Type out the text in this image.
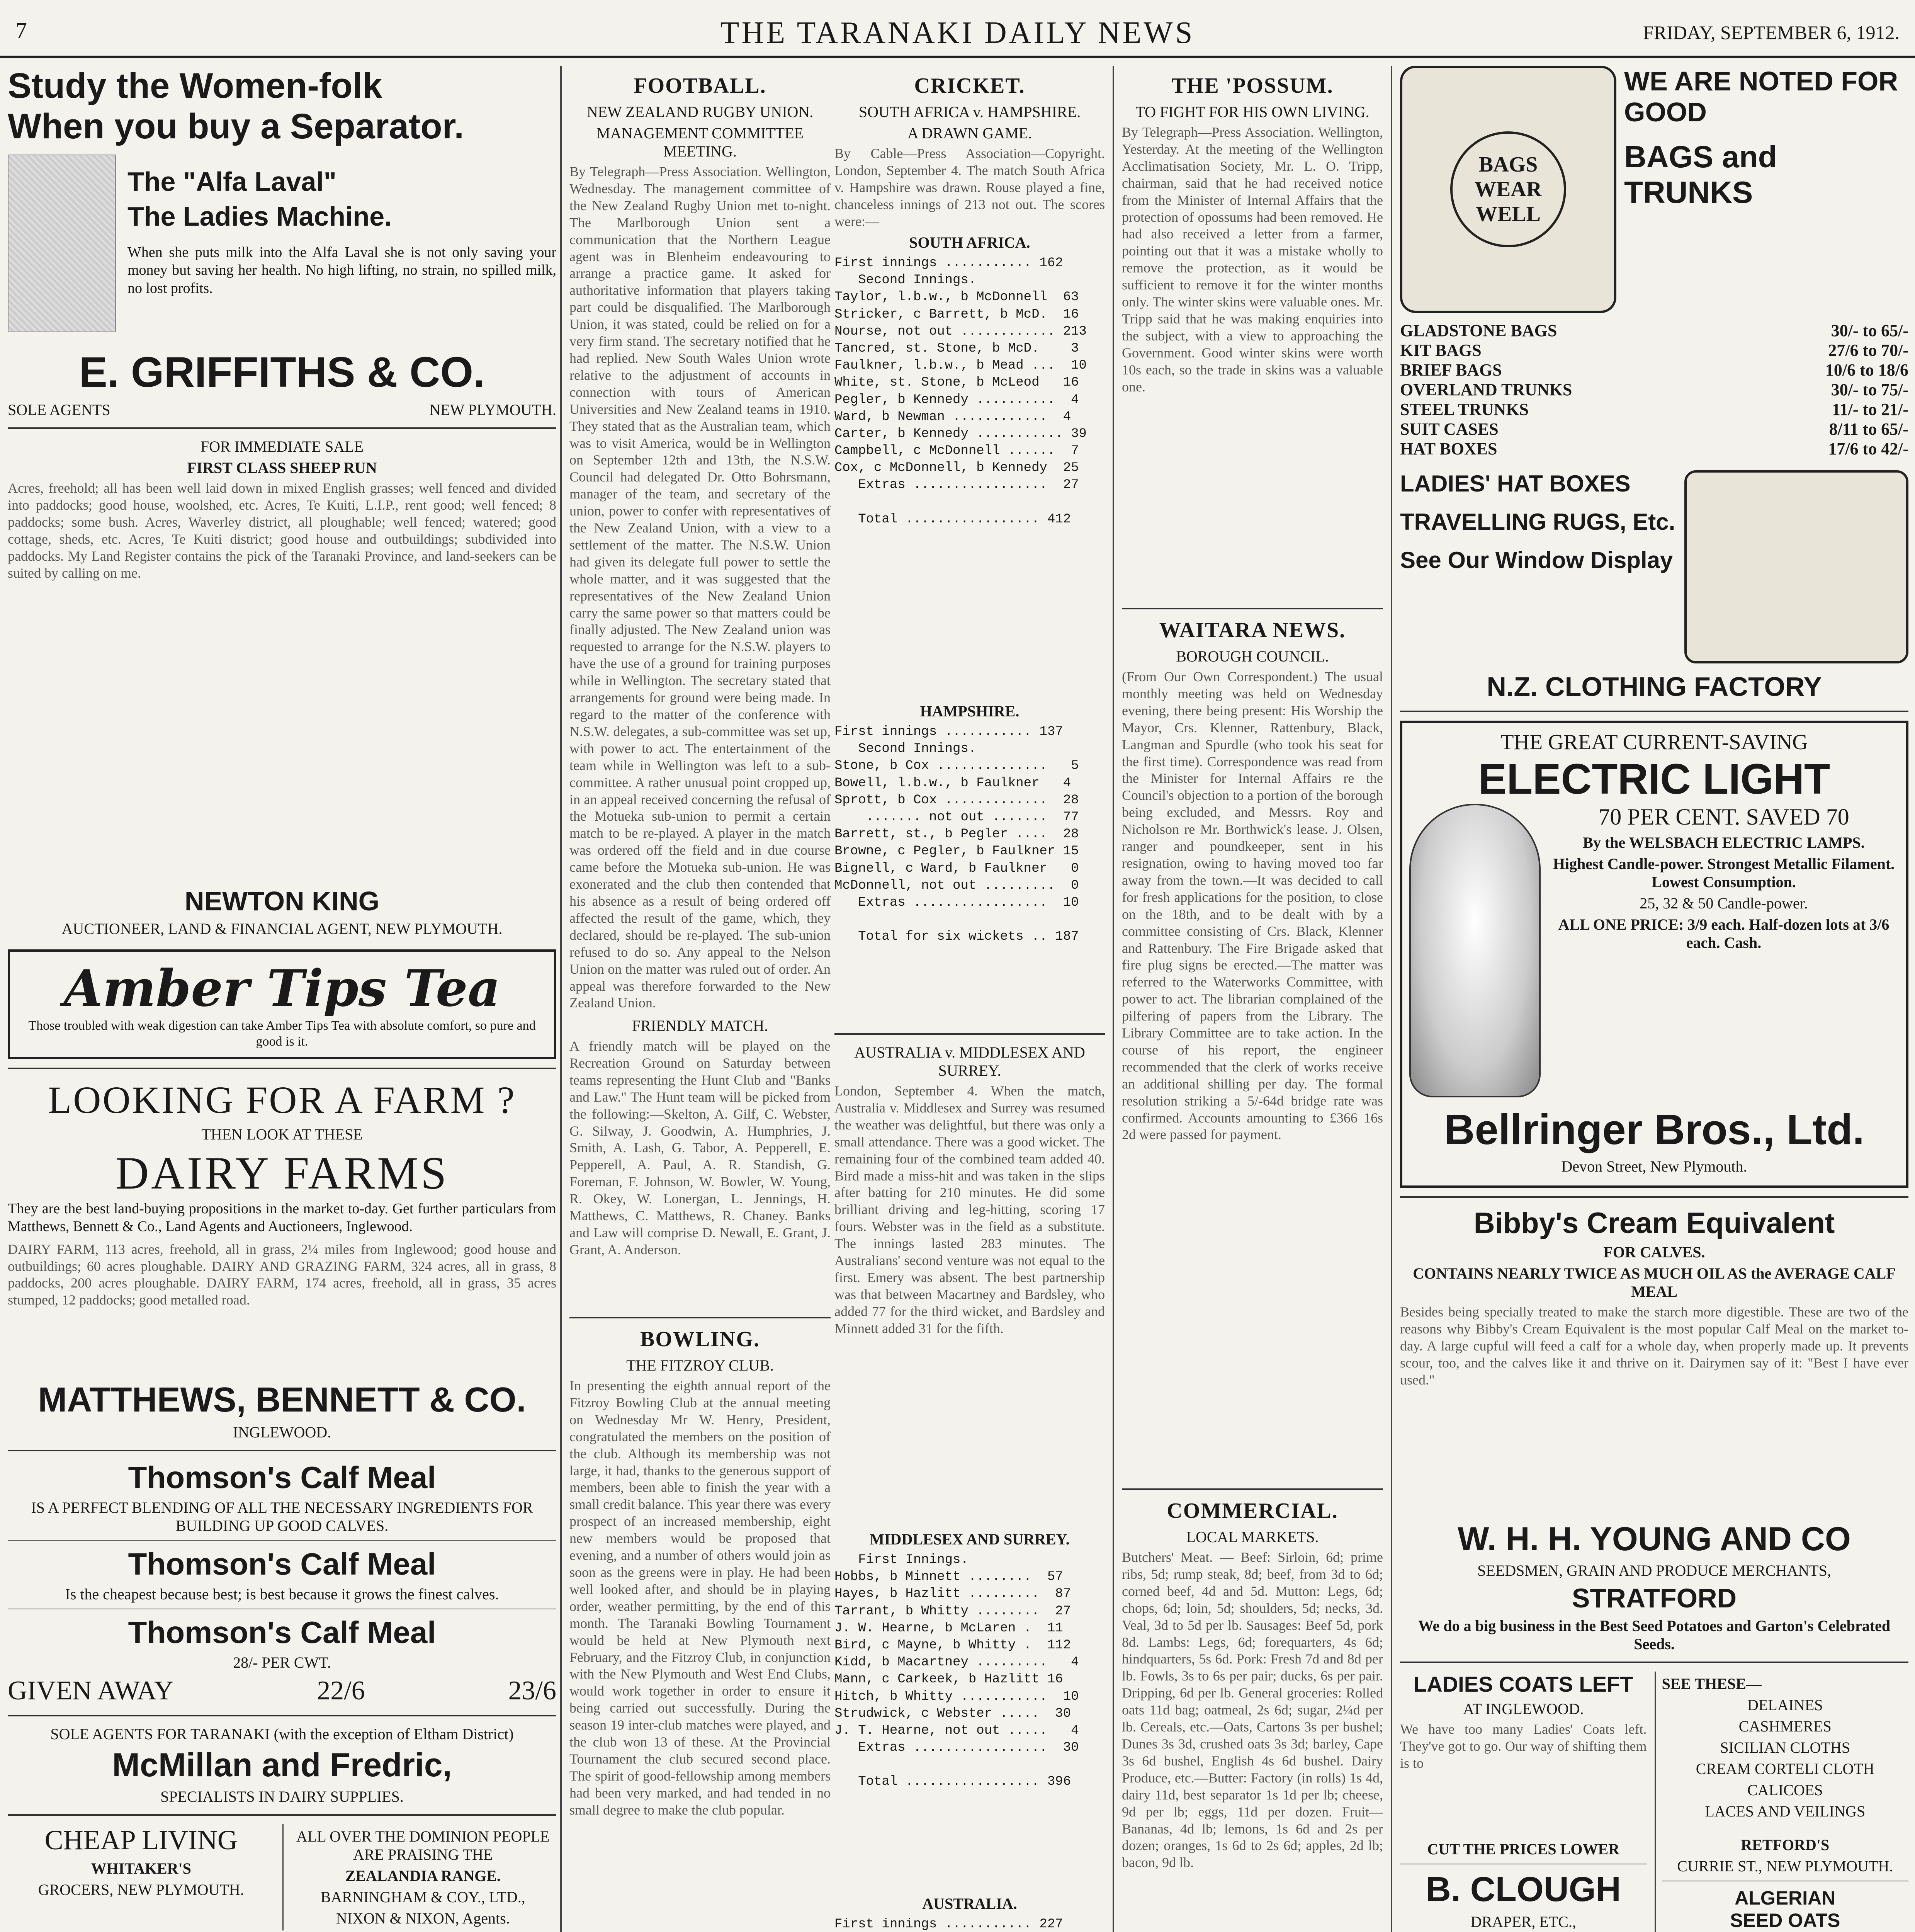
7	THE TARANAKI DAILY NEWS	FRIDAY, SEPTEMBER 6, 1912.
Study the Women-folk
When you buy a Separator.
The "Alfa Laval"
The Ladies Machine.
When she puts milk into the Alfa Laval she is not only saving your money but saving her health. No high lifting, no strain, no spilled milk, no lost profits.
E. GRIFFITHS & CO.
SOLE AGENTS	NEW PLYMOUTH.
FOR IMMEDIATE SALE
FIRST CLASS SHEEP RUN
Acres, freehold; all has been well laid down in mixed English grasses; well fenced and divided into paddocks; good house, woolshed, etc. Acres, Te Kuiti, L.I.P., rent good; well fenced; 8 paddocks; some bush. Acres, Waverley district, all ploughable; well fenced; watered; good cottage, sheds, etc. Acres, Te Kuiti district; good house and outbuildings; subdivided into paddocks. My Land Register contains the pick of the Taranaki Province, and land-seekers can be suited by calling on me.
NEWTON KING
AUCTIONEER, LAND & FINANCIAL AGENT, NEW PLYMOUTH.
Amber Tips Tea
Those troubled with weak digestion can take Amber Tips Tea with absolute comfort, so pure and good is it.
LOOKING FOR A FARM ?
THEN LOOK AT THESE
DAIRY FARMS
They are the best land-buying propositions in the market to-day. Get further particulars from Matthews, Bennett & Co., Land Agents and Auctioneers, Inglewood.
DAIRY FARM, 113 acres, freehold, all in grass, 2¼ miles from Inglewood; good house and outbuildings; 60 acres ploughable. DAIRY AND GRAZING FARM, 324 acres, all in grass, 8 paddocks, 200 acres ploughable. DAIRY FARM, 174 acres, freehold, all in grass, 35 acres stumped, 12 paddocks; good metalled road.
MATTHEWS, BENNETT & CO.
INGLEWOOD.
Thomson's Calf Meal
IS A PERFECT BLENDING OF ALL THE NECESSARY INGREDIENTS FOR BUILDING UP GOOD CALVES.
Thomson's Calf Meal
Is the cheapest because best; is best because it grows the finest calves.
Thomson's Calf Meal
28/- PER CWT.
GIVEN AWAY	22/6	23/6
SOLE AGENTS FOR TARANAKI (with the exception of Eltham District)
McMillan and Fredric,
SPECIALISTS IN DAIRY SUPPLIES.
CHEAP LIVING
WHITAKER'S
GROCERS, NEW PLYMOUTH.
ALL OVER THE DOMINION PEOPLE ARE PRAISING THE
ZEALANDIA RANGE.
BARNINGHAM & COY., LTD.,
NIXON & NIXON, Agents.
FOOTBALL.
NEW ZEALAND RUGBY UNION.
MANAGEMENT COMMITTEE MEETING.
By Telegraph—Press Association. Wellington, Wednesday. The management committee of the New Zealand Rugby Union met to-night. The Marlborough Union sent a communication that the Northern League agent was in Blenheim endeavouring to arrange a practice game. It asked for authoritative information that players taking part could be disqualified. The Marlborough Union, it was stated, could be relied on for a very firm stand. The secretary notified that he had replied. New South Wales Union wrote relative to the adjustment of accounts in connection with tours of American Universities and New Zealand teams in 1910. They stated that as the Australian team, which was to visit America, would be in Wellington on September 12th and 13th, the N.S.W. Council had delegated Dr. Otto Bohrsmann, manager of the team, and secretary of the union, power to confer with representatives of the New Zealand Union, with a view to a settlement of the matter. The N.S.W. Union had given its delegate full power to settle the whole matter, and it was suggested that the representatives of the New Zealand Union carry the same power so that matters could be finally adjusted. The New Zealand union was requested to arrange for the N.S.W. players to have the use of a ground for training purposes while in Wellington. The secretary stated that arrangements for ground were being made. In regard to the matter of the conference with N.S.W. delegates, a sub-committee was set up, with power to act. The entertainment of the team while in Wellington was left to a sub-committee. A rather unusual point cropped up, in an appeal received concerning the refusal of the Motueka sub-union to permit a certain match to be re-played. A player in the match was ordered off the field and in due course came before the Motueka sub-union. He was exonerated and the club then contended that his absence as a result of being ordered off affected the result of the game, which, they declared, should be re-played. The sub-union refused to do so. Any appeal to the Nelson Union on the matter was ruled out of order. An appeal was therefore forwarded to the New Zealand Union.
FRIENDLY MATCH.
A friendly match will be played on the Recreation Ground on Saturday between teams representing the Hunt Club and "Banks and Law." The Hunt team will be picked from the following:—Skelton, A. Gilf, C. Webster, G. Silway, J. Goodwin, A. Humphries, J. Smith, A. Lash, G. Tabor, A. Pepperell, E. Pepperell, A. Paul, A. R. Standish, G. Foreman, F. Johnson, W. Bowler, W. Young, R. Okey, W. Lonergan, L. Jennings, H. Matthews, C. Matthews, R. Chaney. Banks and Law will comprise D. Newall, E. Grant, J. Grant, A. Anderson.
BOWLING.
THE FITZROY CLUB.
In presenting the eighth annual report of the Fitzroy Bowling Club at the annual meeting on Wednesday Mr W. Henry, President, congratulated the members on the position of the club. Although its membership was not large, it had, thanks to the generous support of members, been able to finish the year with a small credit balance. This year there was every prospect of an increased membership, eight new members would be proposed that evening, and a number of others would join as soon as the greens were in play. He had been well looked after, and should be in playing order, weather permitting, by the end of this month. The Taranaki Bowling Tournament would be held at New Plymouth next February, and the Fitzroy Club, in conjunction with the New Plymouth and West End Clubs, would work together in order to ensure it being carried out successfully. During the season 19 inter-club matches were played, and the club won 13 of these. At the Provincial Tournament the club secured second place. The spirit of good-fellowship among members had been very marked, and had tended in no small degree to make the club popular.
CRICKET.
SOUTH AFRICA v. HAMPSHIRE.
A DRAWN GAME.
By Cable—Press Association—Copyright. London, September 4. The match South Africa v. Hampshire was drawn. Rouse played a fine, chanceless innings of 213 not out. The scores were:—
SOUTH AFRICA.
First innings ........... 162
Second Innings.
Taylor, l.b.w., b McDonnell  63
Stricker, c Barrett, b McD.  16
Nourse, not out ............ 213
Tancred, st. Stone, b McD.    3
Faulkner, l.b.w., b Mead ...  10
White, st. Stone, b McLeod   16
Pegler, b Kennedy ..........  4
Ward, b Newman ............  4
Carter, b Kennedy ........... 39
Campbell, c McDonnell ......  7
Cox, c McDonnell, b Kennedy  25
Extras .................  27

Total ................. 412
HAMPSHIRE.
First innings ........... 137
Second Innings.
Stone, b Cox ..............   5
Bowell, l.b.w., b Faulkner   4
Sprott, b Cox .............  28
....... not out .......  77
Barrett, st., b Pegler ....  28
Browne, c Pegler, b Faulkner 15
Bignell, c Ward, b Faulkner   0
McDonnell, not out .........  0
Extras .................  10

Total for six wickets .. 187
AUSTRALIA v. MIDDLESEX AND SURREY.
London, September 4. When the match, Australia v. Middlesex and Surrey was resumed the weather was delightful, but there was only a small attendance. There was a good wicket. The remaining four of the combined team added 40. Bird made a miss-hit and was taken in the slips after batting for 210 minutes. He did some brilliant driving and leg-hitting, scoring 17 fours. Webster was in the field as a substitute. The innings lasted 283 minutes. The Australians' second venture was not equal to the first. Emery was absent. The best partnership was that between Macartney and Bardsley, who added 77 for the third wicket, and Bardsley and Minnett added 31 for the fifth.
MIDDLESEX AND SURREY.
First Innings.
Hobbs, b Minnett ........  57
Hayes, b Hazlitt .........  87
Tarrant, b Whitty ........  27
J. W. Hearne, b McLaren .  11
Bird, c Mayne, b Whitty .  112
Kidd, b Macartney .........   4
Mann, c Carkeek, b Hazlitt 16
Hitch, b Whitty ...........  10
Strudwick, c Webster .....  30
J. T. Hearne, not out .....   4
Extras .................  30

Total ................. 396
AUSTRALIA.
First innings ........... 227

THE 'POSSUM.
TO FIGHT FOR HIS OWN LIVING.
By Telegraph—Press Association. Wellington, Yesterday. At the meeting of the Wellington Acclimatisation Society, Mr. L. O. Tripp, chairman, said that he had received notice from the Minister of Internal Affairs that the protection of opossums had been removed. He had also received a letter from a farmer, pointing out that it was a mistake wholly to remove the protection, as it would be sufficient to remove it for the winter months only. The winter skins were valuable ones. Mr. Tripp said that he was making enquiries into the subject, with a view to approaching the Government. Good winter skins were worth 10s each, so the trade in skins was a valuable one.
WAITARA NEWS.
BOROUGH COUNCIL.
(From Our Own Correspondent.) The usual monthly meeting was held on Wednesday evening, there being present: His Worship the Mayor, Crs. Klenner, Rattenbury, Black, Langman and Spurdle (who took his seat for the first time). Correspondence was read from the Minister for Internal Affairs re the Council's objection to a portion of the borough being excluded, and Messrs. Roy and Nicholson re Mr. Borthwick's lease. J. Olsen, ranger and poundkeeper, sent in his resignation, owing to having moved too far away from the town.—It was decided to call for fresh applications for the position, to close on the 18th, and to be dealt with by a committee consisting of Crs. Black, Klenner and Rattenbury. The Fire Brigade asked that fire plug signs be erected.—The matter was referred to the Waterworks Committee, with power to act. The librarian complained of the pilfering of papers from the Library. The Library Committee are to take action. In the course of his report, the engineer recommended that the clerk of works receive an additional shilling per day. The formal resolution striking a 5/-64d bridge rate was confirmed. Accounts amounting to £366 16s 2d were passed for payment.
COMMERCIAL.
LOCAL MARKETS.
Butchers' Meat. — Beef: Sirloin, 6d; prime ribs, 5d; rump steak, 8d; beef, from 3d to 6d; corned beef, 4d and 5d. Mutton: Legs, 6d; chops, 6d; loin, 5d; shoulders, 5d; necks, 3d. Veal, 3d to 5d per lb. Sausages: Beef 5d, pork 8d. Lambs: Legs, 6d; forequarters, 4s 6d; hindquarters, 5s 6d. Pork: Fresh 7d and 8d per lb. Fowls, 3s to 6s per pair; ducks, 6s per pair. Dripping, 6d per lb. General groceries: Rolled oats 11d bag; oatmeal, 2s 6d; sugar, 2¼d per lb. Cereals, etc.—Oats, Cartons 3s per bushel; Dunes 3s 3d, crushed oats 3s 3d; barley, Cape 3s 6d bushel, English 4s 6d bushel. Dairy Produce, etc.—Butter: Factory (in rolls) 1s 4d, dairy 11d, best separator 1s 1d per lb; cheese, 9d per lb; eggs, 11d per dozen. Fruit—Bananas, 4d lb; lemons, 1s 6d and 2s per dozen; oranges, 1s 6d to 2s 6d; apples, 2d lb; bacon, 9d lb.
BAGS WEAR WELL
WE ARE NOTED FOR GOOD
BAGS and TRUNKS
GLADSTONE BAGS	30/- to 65/-
KIT BAGS	27/6 to 70/-
BRIEF BAGS	10/6 to 18/6
OVERLAND TRUNKS	30/- to 75/-
STEEL TRUNKS	11/- to 21/-
SUIT CASES	8/11 to 65/-
HAT BOXES	17/6 to 42/-
LADIES' HAT BOXES
TRAVELLING RUGS, Etc.
See Our Window Display
N.Z. CLOTHING FACTORY
THE GREAT CURRENT-SAVING
ELECTRIC LIGHT
70 PER CENT. SAVED 70
By the WELSBACH ELECTRIC LAMPS.
Highest Candle-power. Strongest Metallic Filament. Lowest Consumption.
25, 32 & 50 Candle-power.
ALL ONE PRICE: 3/9 each. Half-dozen lots at 3/6 each. Cash.
Bellringer Bros., Ltd.
Devon Street, New Plymouth.
Bibby's Cream Equivalent
FOR CALVES.
CONTAINS NEARLY TWICE AS MUCH OIL AS the AVERAGE CALF MEAL
Besides being specially treated to make the starch more digestible. These are two of the reasons why Bibby's Cream Equivalent is the most popular Calf Meal on the market to-day. A large cupful will feed a calf for a whole day, when properly made up. It prevents scour, too, and the calves like it and thrive on it. Dairymen say of it: "Best I have ever used."
W. H. H. YOUNG AND CO
SEEDSMEN, GRAIN AND PRODUCE MERCHANTS,
STRATFORD
We do a big business in the Best Seed Potatoes and Garton's Celebrated Seeds.
LADIES COATS LEFT
AT INGLEWOOD.
We have too many Ladies' Coats left. They've got to go. Our way of shifting them is to
CUT THE PRICES LOWER
B. CLOUGH
DRAPER, ETC.,
SEE THESE—
DELAINES
CASHMERES
SICILIAN CLOTHS
CREAM CORTELI CLOTH
CALICOES
LACES AND VEILINGS
RETFORD'S
CURRIE ST., NEW PLYMOUTH.
ALGERIAN
SEED OATS
